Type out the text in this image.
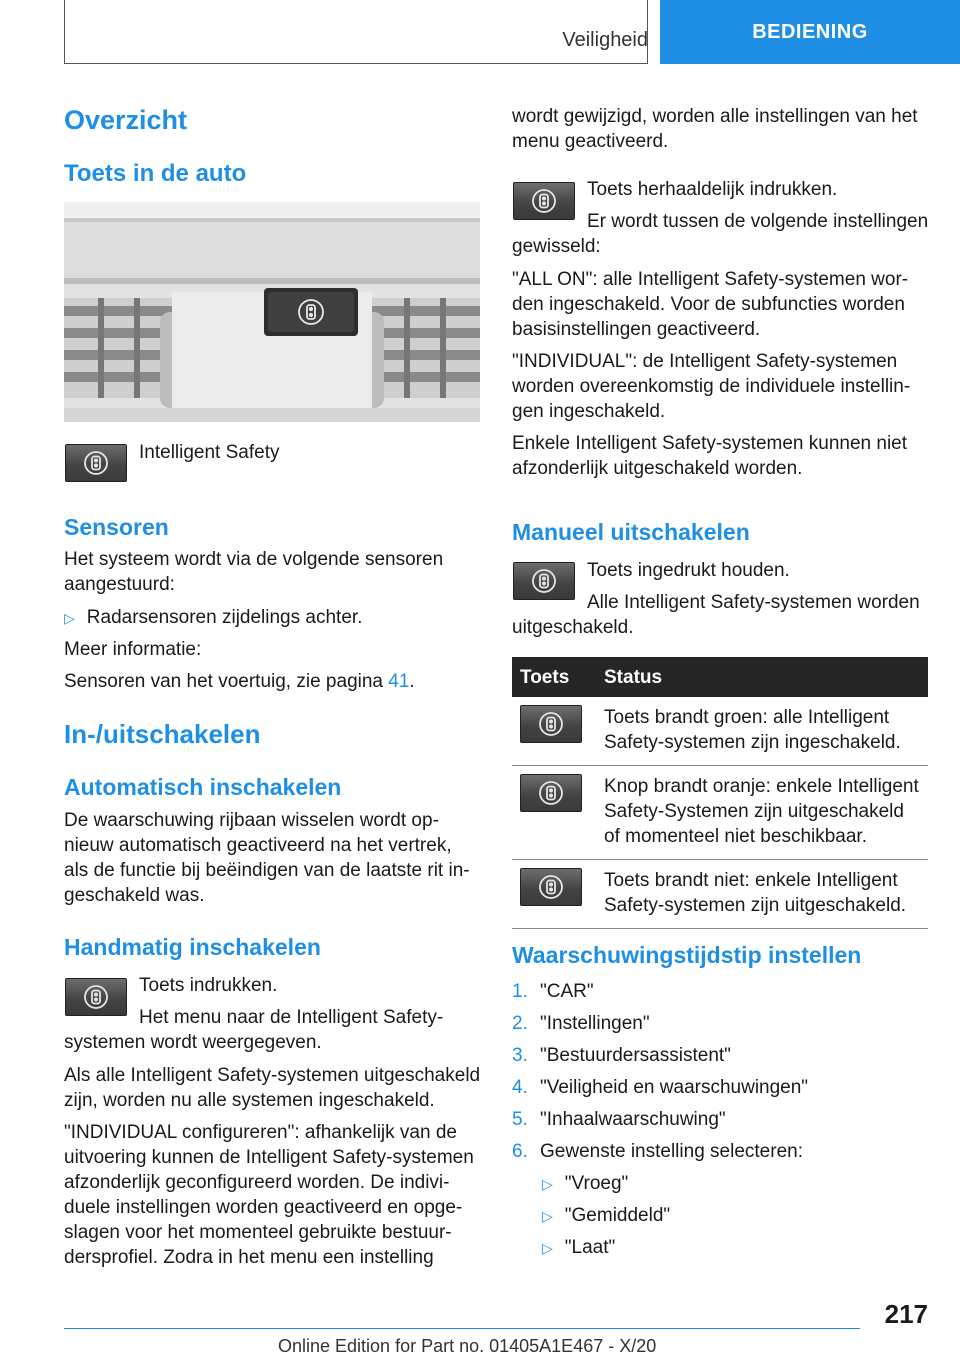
Veiligheid	BEDIENING
Overzicht
Toets in de auto

Intelligent Safety

Sensoren

Het systeem wordt via de volgende sensoren aangestuurd:

▷ Radarsensoren zijdelings achter.

Meer informatie:

Sensoren van het voertuig, zie pagina 41.

In-/uitschakelen
Automatisch inschakelen

De waarschuwing rijbaan wisselen wordt opnieuw automatisch geactiveerd na het vertrek, als de functie bij beëindigen van de laatste rit ingeschakeld was.

Handmatig inschakelen

Toets indrukken.

Het menu naar de Intelligent Safety-systemen wordt weergegeven.

Als alle Intelligent Safety-systemen uitgeschakeld zijn, worden nu alle systemen ingeschakeld.

"INDIVIDUAL configureren": afhankelijk van de uitvoering kunnen de Intelligent Safety-systemen afzonderlijk geconfigureerd worden. De individuele instellingen worden geactiveerd en opgeslagen voor het momenteel gebruikte bestuurdersprofiel. Zodra in het menu een instelling

wordt gewijzigd, worden alle instellingen van het menu geactiveerd.

Toets herhaaldelijk indrukken.

Er wordt tussen de volgende instellingen gewisseld:

"ALL ON": alle Intelligent Safety-systemen worden ingeschakeld. Voor de subfuncties worden basisinstellingen geactiveerd.

"INDIVIDUAL": de Intelligent Safety-systemen worden overeenkomstig de individuele instellingen ingeschakeld.

Enkele Intelligent Safety-systemen kunnen niet afzonderlijk uitgeschakeld worden.

Manueel uitschakelen

Toets ingedrukt houden.

Alle Intelligent Safety-systemen worden uitgeschakeld.
Toets	Status

	Toets brandt groen: alle Intelligent Safety-systemen zijn ingeschakeld.

	Knop brandt oranje: enkele Intelligent Safety-Systemen zijn uitgeschakeld of momenteel niet beschikbaar.

	Toets brandt niet: enkele Intelligent Safety-systemen zijn uitgeschakeld.
Waarschuwingstijdstip instellen
1. "CAR"
2. "Instellingen"
3. "Bestuurdersassistent"
4. "Veiligheid en waarschuwingen"
5. "Inhaalwaarschuwing"
6. Gewenste instelling selecteren:
▷ "Vroeg"
▷ "Gemiddeld"
▷ "Laat"
217
Online Edition for Part no. 01405A1E467 - X/20
